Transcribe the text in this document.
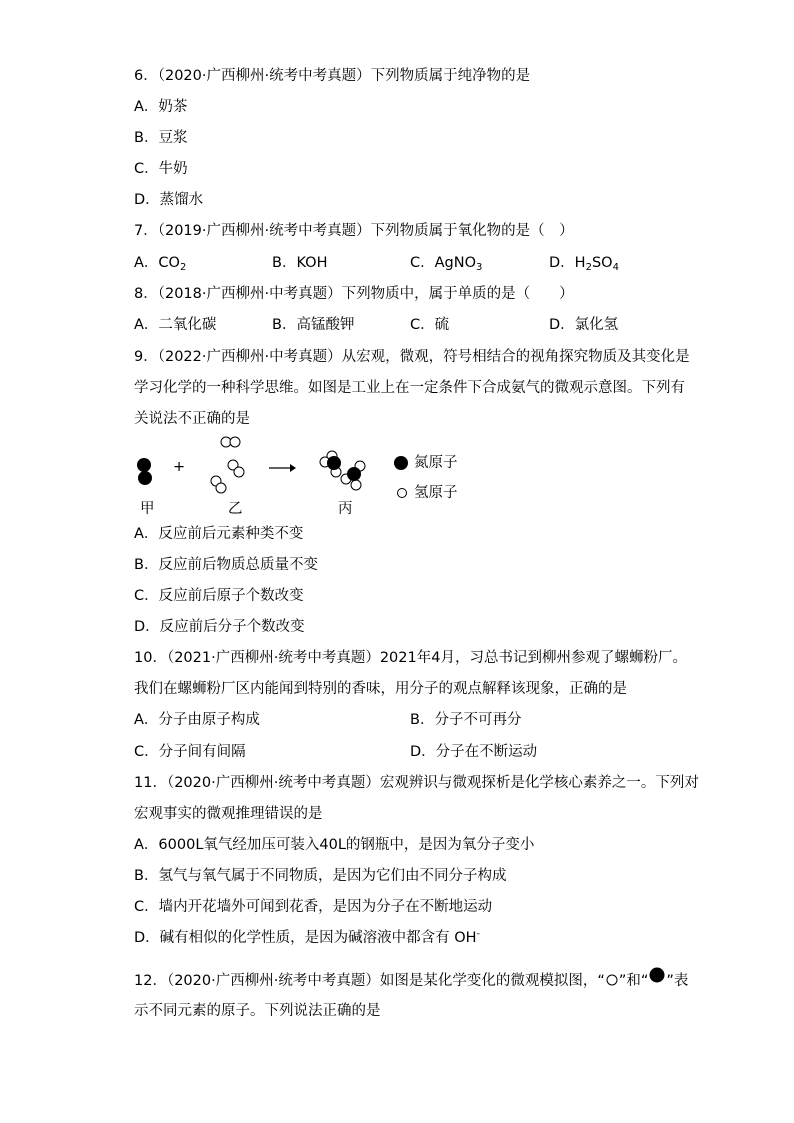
6．（2020·广西柳州·统考中考真题）下列物质属于纯净物的是
A．奶茶
B．豆浆
C．牛奶
D．蒸馏水
7．（2019·广西柳州·统考中考真题）下列物质属于氧化物的是（　）
A．$CO_2$	B．KOH	C．AgNO$_3$	D．$H_2SO_4$
8．（2018·广西柳州·中考真题）下列物质中，属于单质的是（　　）
A．二氧化碳	B．高锰酸钾	C．硫	D．氯化氢
9．（2022·广西柳州·中考真题）从宏观，微观，符号相结合的视角探究物质及其变化是
学习化学的一种科学思维。如图是工业上在一定条件下合成氨气的微观示意图。下列有
关说法不正确的是
+
甲	乙	丙
氮原子
氢原子
A．反应前后元素种类不变
B．反应前后物质总质量不变
C．反应前后原子个数改变
D．反应前后分子个数改变
10．（2021·广西柳州·统考中考真题）2021年4月，习总书记到柳州参观了螺蛳粉厂。
我们在螺蛳粉厂区内能闻到特别的香味，用分子的观点解释该现象，正确的是
A．分子由原子构成	B．分子不可再分
C．分子间有间隔	D．分子在不断运动
11．（2020·广西柳州·统考中考真题）宏观辨识与微观探析是化学核心素养之一。下列对
宏观事实的微观推理错误的是
A．6000L氧气经加压可装入40L的钢瓶中，是因为氧分子变小
B．氢气与氧气属于不同物质，是因为它们由不同分子构成
C．墙内开花墙外可闻到花香，是因为分子在不断地运动
D．碱有相似的化学性质，是因为碱溶液中都含有 OH-
12．（2020·广西柳州·统考中考真题）如图是某化学变化的微观模拟图，“ ”和“ ”表
示不同元素的原子。下列说法正确的是
